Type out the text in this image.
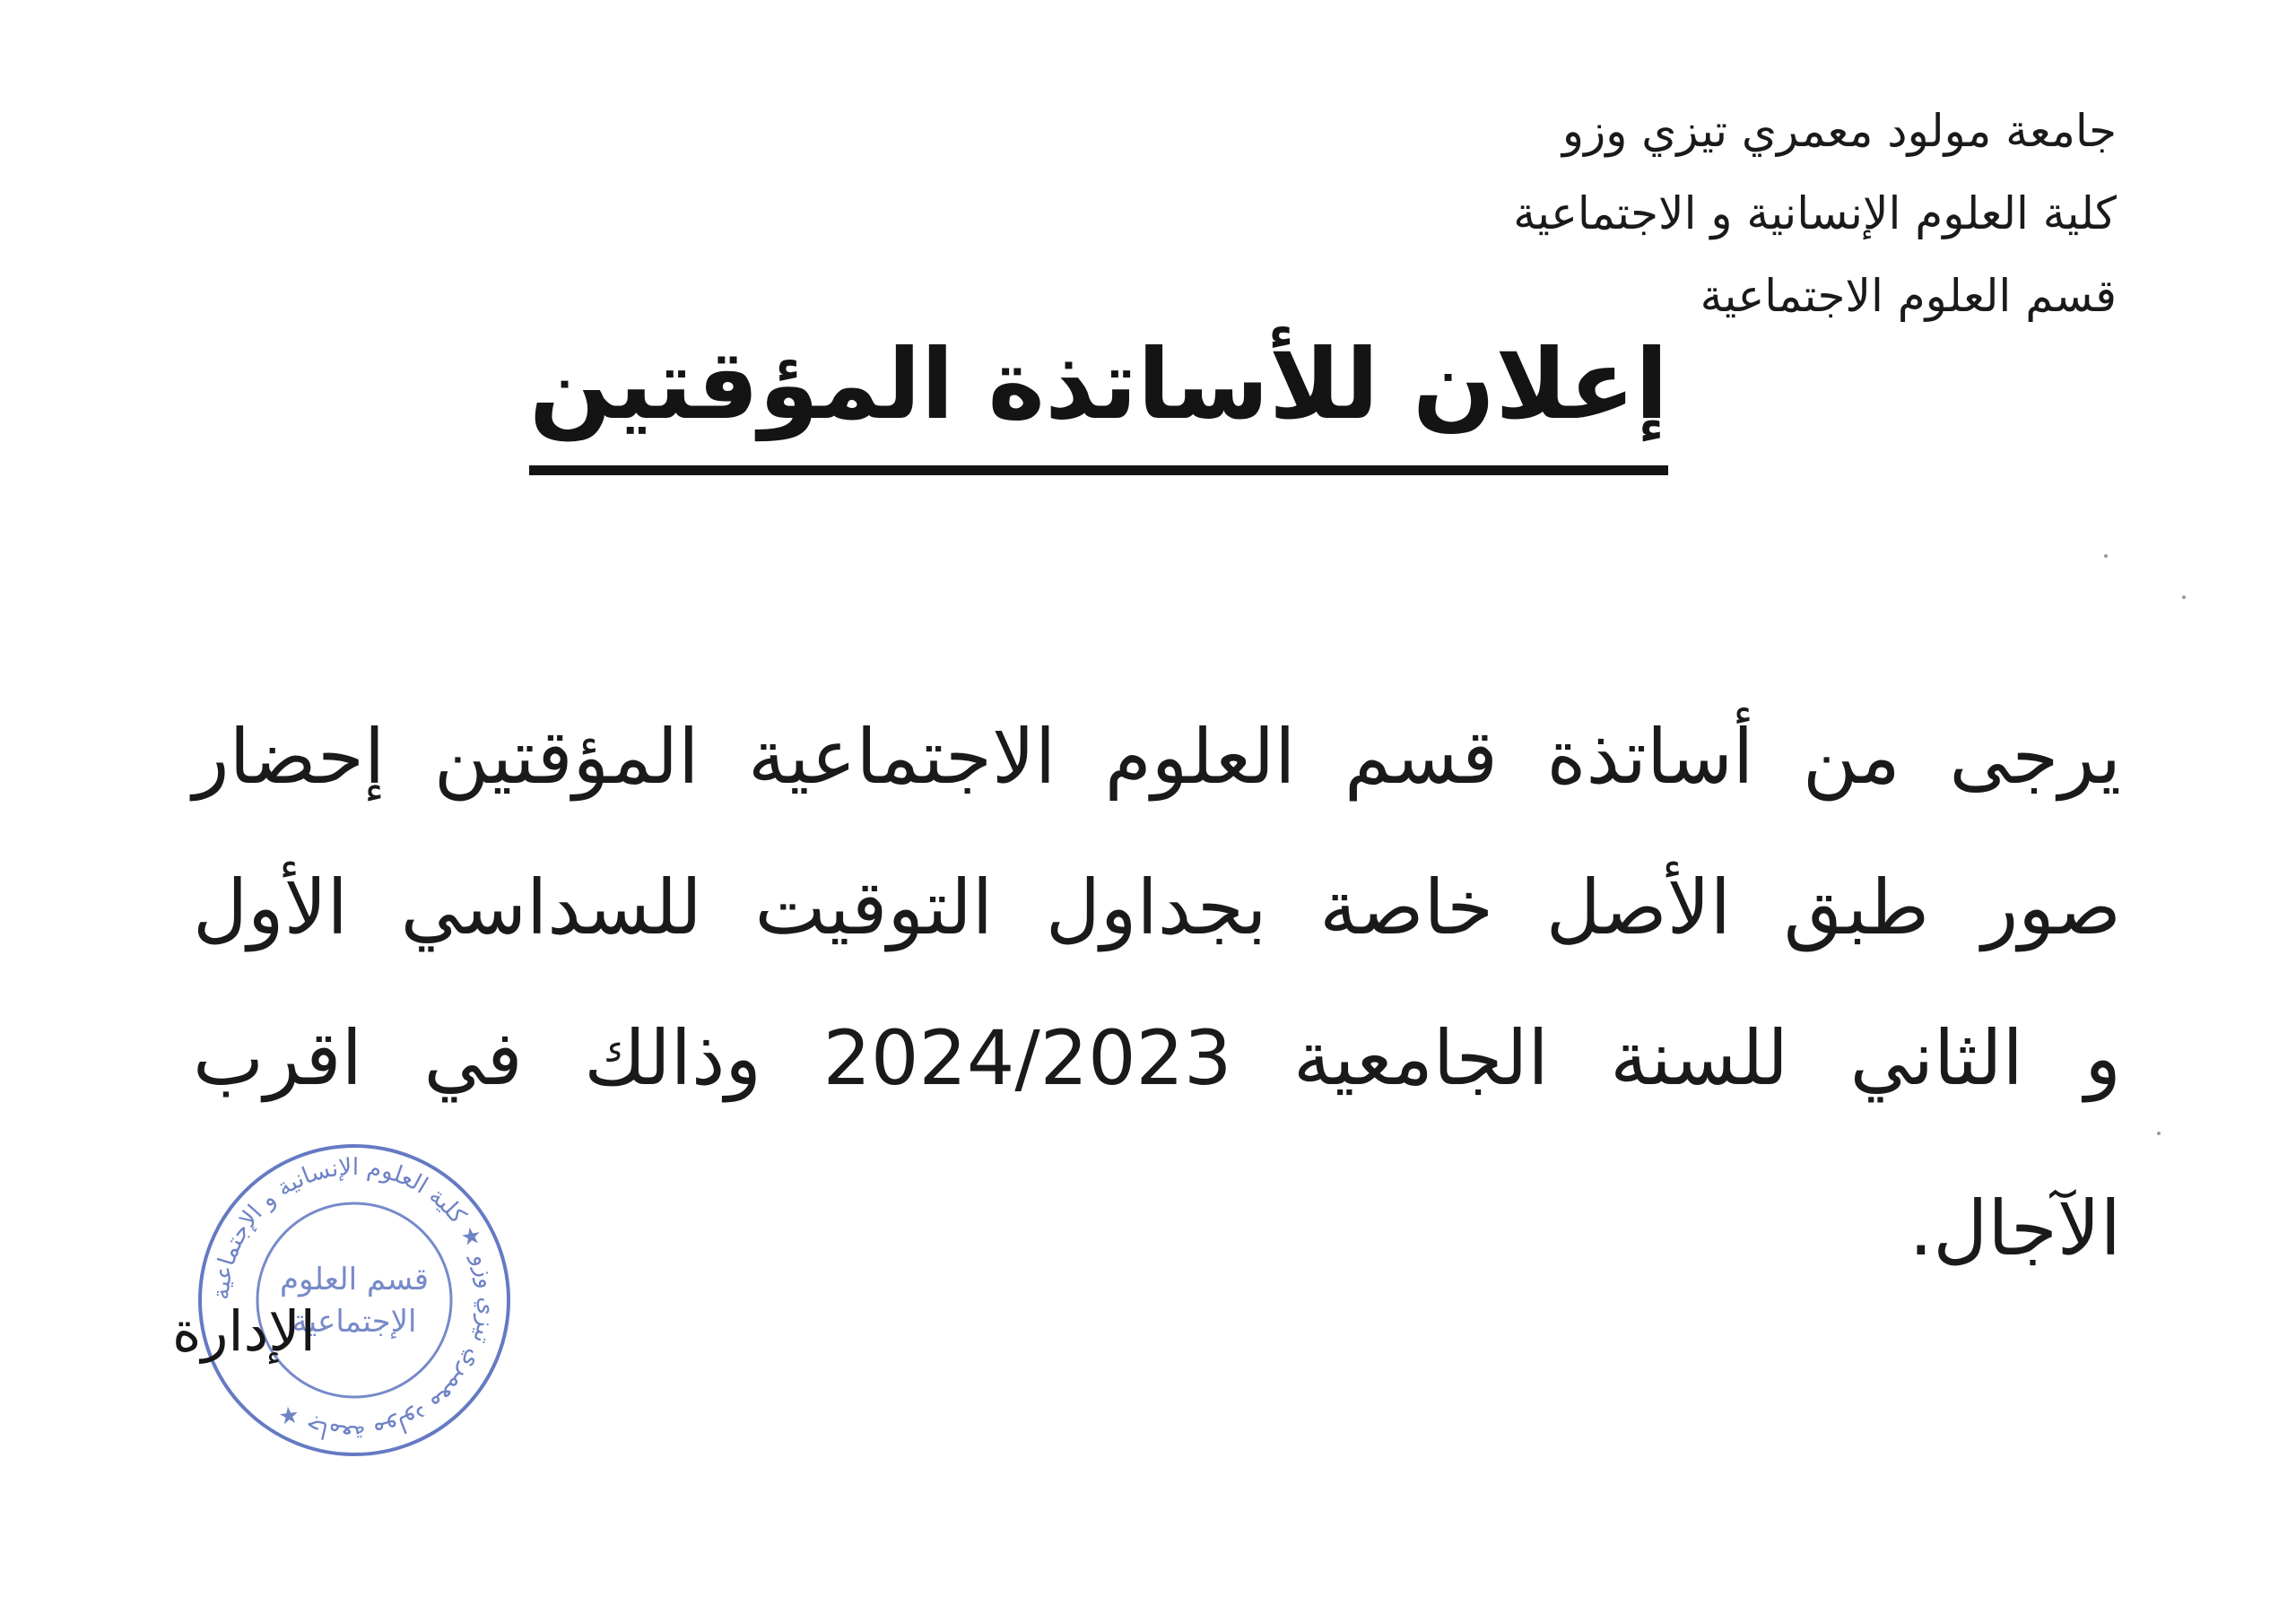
جامعة مولود معمري تيزي وزو
كلية العلوم الإنسانية و الاجتماعية
قسم العلوم الاجتماعية
إعلان للأساتذة المؤقتين
يرجى من أساتذة قسم العلوم الاجتماعية المؤقتين إحضار
صور طبق الأصل خاصة بجداول التوقيت للسداسي الأول
و الثاني للسنة الجامعية 2024/2023 وذالك في اقرب
الآجال.
جامعة مولود معمري تيزي وزو ★ كلية العلوم الإنسانية و الإجتماعية ★
قسم العلوم
الإجتماعية
الإدارة
